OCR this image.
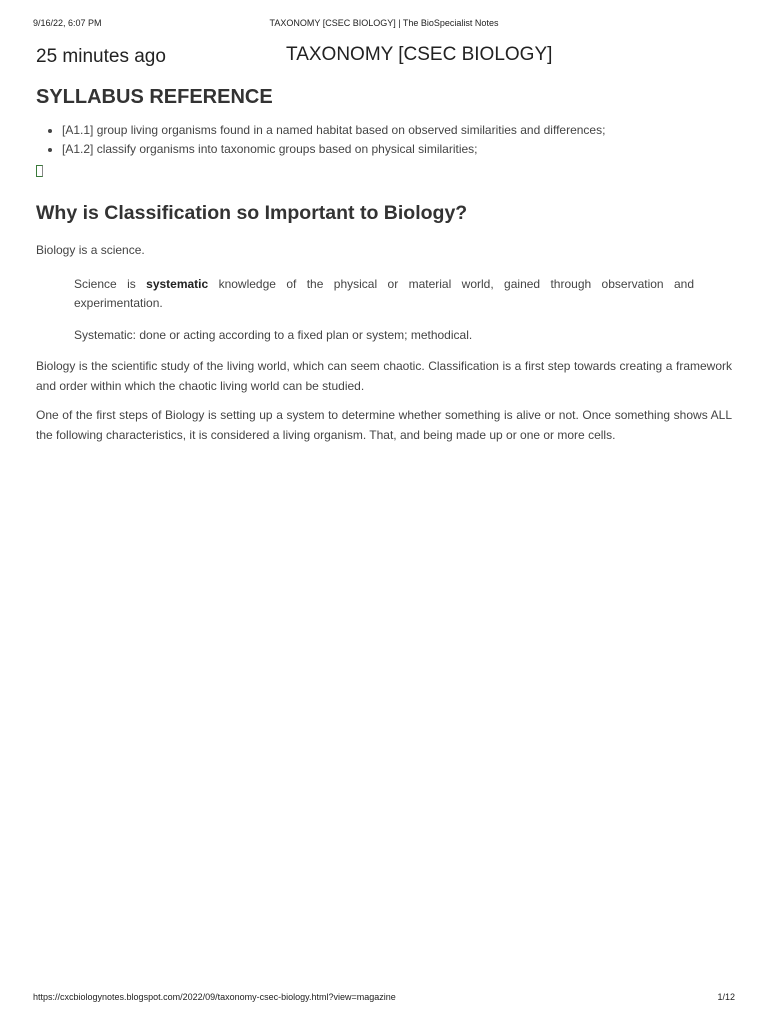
9/16/22, 6:07 PM	TAXONOMY [CSEC BIOLOGY] | The BioSpecialist Notes
25 minutes ago	TAXONOMY [CSEC BIOLOGY]
SYLLABUS REFERENCE
• [A1.1] group living organisms found in a named habitat based on observed similarities and differences;
• [A1.2] classify organisms into taxonomic groups based on physical similarities;
Why is Classification so Important to Biology?

Biology is a science.

Science is systematic knowledge of the physical or material world, gained through observation and experimentation.

Systematic: done or acting according to a fixed plan or system; methodical.

Biology is the scientific study of the living world, which can seem chaotic. Classification is a first step towards creating a framework and order within which the chaotic living world can be studied.

One of the first steps of Biology is setting up a system to determine whether something is alive or not. Once something shows ALL the following characteristics, it is considered a living organism. That, and being made up or one or more cells.

https://cxcbiologynotes.blogspot.com/2022/09/taxonomy-csec-biology.html?view=magazine	1/12
